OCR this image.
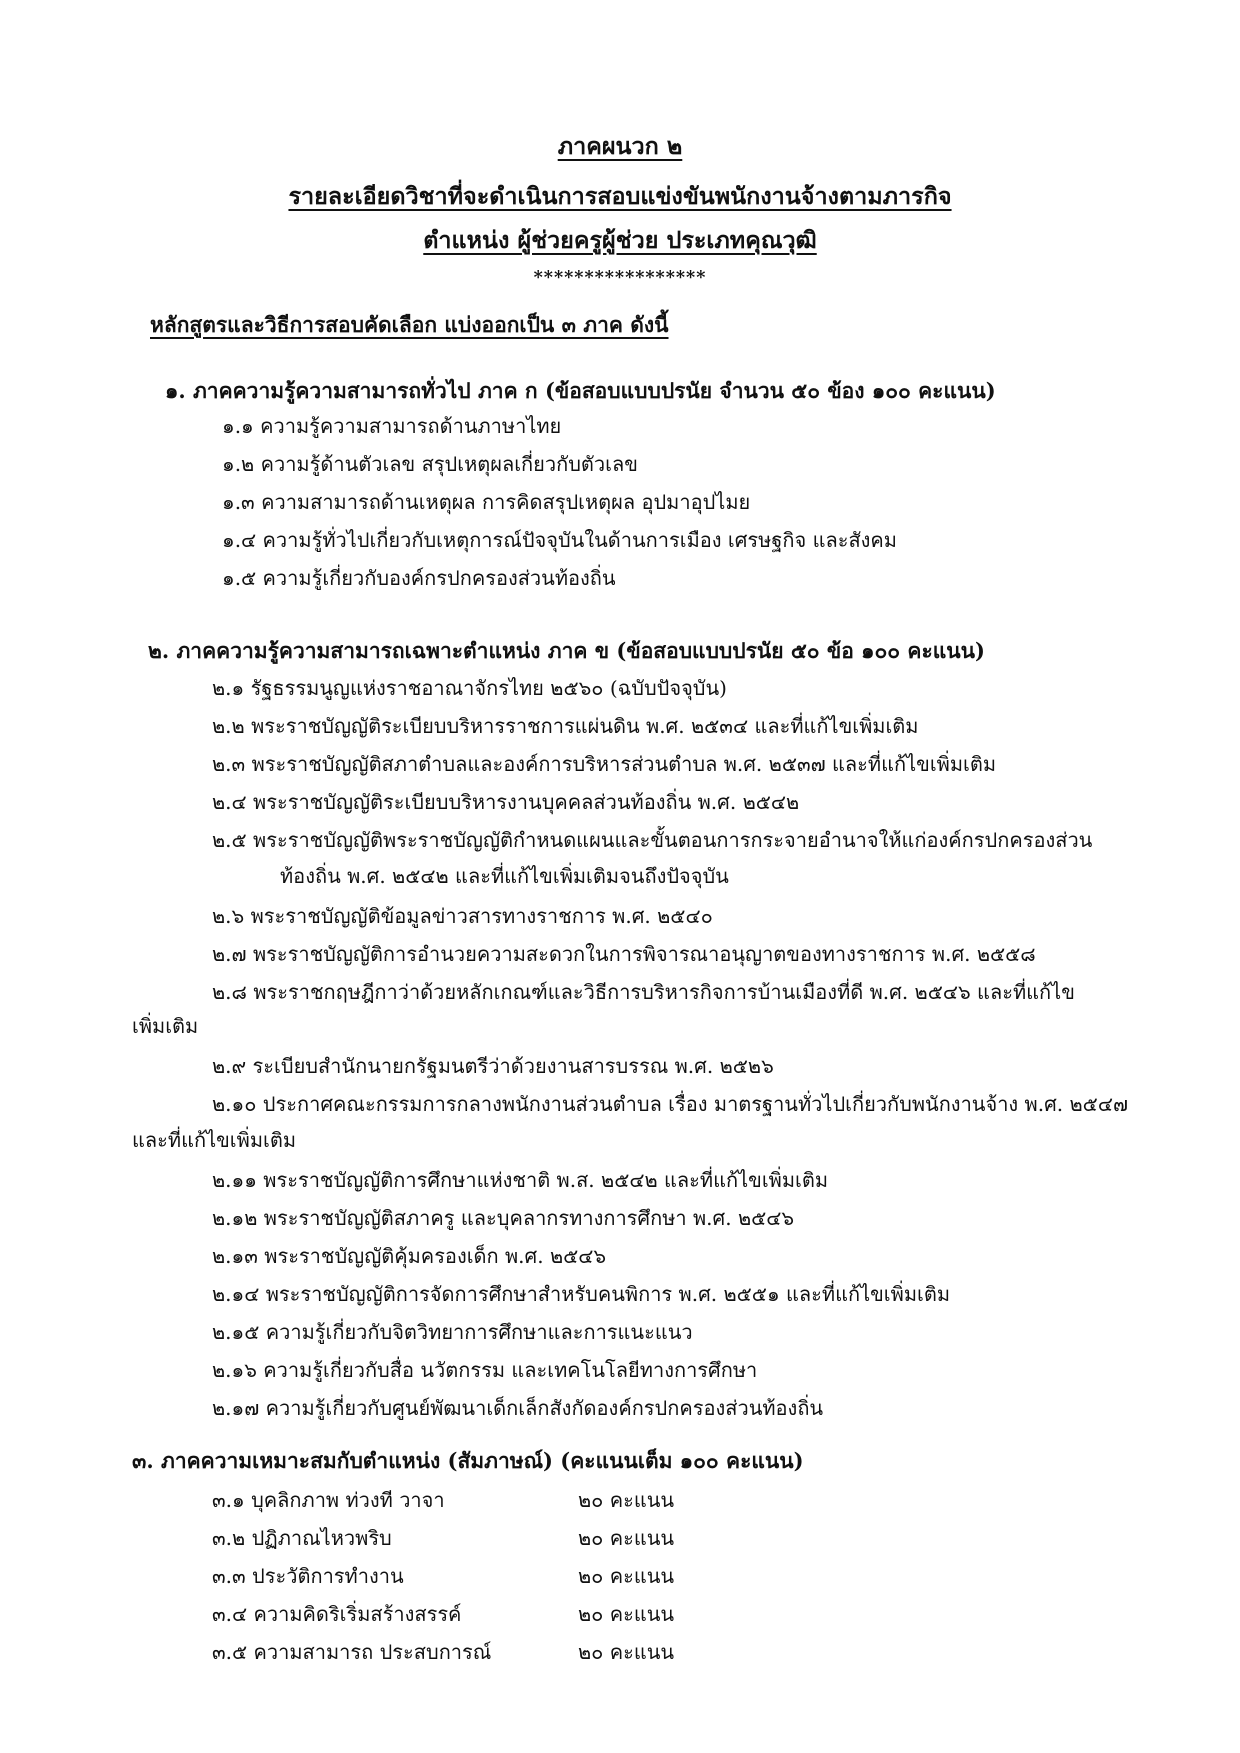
ภาคผนวก ๒
รายละเอียดวิชาที่จะดำเนินการสอบแข่งขันพนักงานจ้างตามภารกิจ
ตำแหน่ง ผู้ช่วยครูผู้ช่วย ประเภทคุณวุฒิ
*****************
หลักสูตรและวิธีการสอบคัดเลือก แบ่งออกเป็น ๓ ภาค ดังนี้
๑. ภาคความรู้ความสามารถทั่วไป ภาค ก (ข้อสอบแบบปรนัย จำนวน ๕๐ ข้อง ๑๐๐ คะแนน)
๑.๑ ความรู้ความสามารถด้านภาษาไทย
๑.๒ ความรู้ด้านตัวเลข สรุปเหตุผลเกี่ยวกับตัวเลข
๑.๓ ความสามารถด้านเหตุผล การคิดสรุปเหตุผล อุปมาอุปไมย
๑.๔ ความรู้ทั่วไปเกี่ยวกับเหตุการณ์ปัจจุบันในด้านการเมือง เศรษฐกิจ และสังคม
๑.๕ ความรู้เกี่ยวกับองค์กรปกครองส่วนท้องถิ่น
๒. ภาคความรู้ความสามารถเฉพาะตำแหน่ง ภาค ข (ข้อสอบแบบปรนัย ๕๐ ข้อ ๑๐๐ คะแนน)
๒.๑ รัฐธรรมนูญแห่งราชอาณาจักรไทย ๒๕๖๐ (ฉบับปัจจุบัน)
๒.๒ พระราชบัญญัติระเบียบบริหารราชการแผ่นดิน พ.ศ. ๒๕๓๔ และที่แก้ไขเพิ่มเติม
๒.๓ พระราชบัญญัติสภาตำบลและองค์การบริหารส่วนตำบล พ.ศ. ๒๕๓๗ และที่แก้ไขเพิ่มเติม
๒.๔ พระราชบัญญัติระเบียบบริหารงานบุคคลส่วนท้องถิ่น พ.ศ. ๒๕๔๒
๒.๕ พระราชบัญญัติพระราชบัญญัติกำหนดแผนและขั้นตอนการกระจายอำนาจให้แก่องค์กรปกครองส่วน
ท้องถิ่น พ.ศ. ๒๕๔๒ และที่แก้ไขเพิ่มเติมจนถึงปัจจุบัน
๒.๖ พระราชบัญญัติข้อมูลข่าวสารทางราชการ พ.ศ. ๒๕๔๐
๒.๗ พระราชบัญญัติการอำนวยความสะดวกในการพิจารณาอนุญาตของทางราชการ พ.ศ. ๒๕๕๘
๒.๘ พระราชกฤษฎีกาว่าด้วยหลักเกณฑ์และวิธีการบริหารกิจการบ้านเมืองที่ดี พ.ศ. ๒๕๔๖ และที่แก้ไข
เพิ่มเติม
๒.๙ ระเบียบสำนักนายกรัฐมนตรีว่าด้วยงานสารบรรณ พ.ศ. ๒๕๒๖
๒.๑๐ ประกาศคณะกรรมการกลางพนักงานส่วนตำบล เรื่อง มาตรฐานทั่วไปเกี่ยวกับพนักงานจ้าง พ.ศ. ๒๕๔๗
และที่แก้ไขเพิ่มเติม
๒.๑๑ พระราชบัญญัติการศึกษาแห่งชาติ พ.ส. ๒๕๔๒ และที่แก้ไขเพิ่มเติม
๒.๑๒ พระราชบัญญัติสภาครู และบุคลากรทางการศึกษา พ.ศ. ๒๕๔๖
๒.๑๓ พระราชบัญญัติคุ้มครองเด็ก พ.ศ. ๒๕๔๖
๒.๑๔ พระราชบัญญัติการจัดการศึกษาสำหรับคนพิการ พ.ศ. ๒๕๕๑ และที่แก้ไขเพิ่มเติม
๒.๑๕ ความรู้เกี่ยวกับจิตวิทยาการศึกษาและการแนะแนว
๒.๑๖ ความรู้เกี่ยวกับสื่อ นวัตกรรม และเทคโนโลยีทางการศึกษา
๒.๑๗ ความรู้เกี่ยวกับศูนย์พัฒนาเด็กเล็กสังกัดองค์กรปกครองส่วนท้องถิ่น
๓. ภาคความเหมาะสมกับตำแหน่ง (สัมภาษณ์) (คะแนนเต็ม ๑๐๐ คะแนน)
๓.๑ บุคลิกภาพ ท่วงที วาจา	๒๐ คะแนน
๓.๒ ปฏิภาณไหวพริบ	๒๐ คะแนน
๓.๓ ประวัติการทำงาน	๒๐ คะแนน
๓.๔ ความคิดริเริ่มสร้างสรรค์	๒๐ คะแนน
๓.๕ ความสามารถ ประสบการณ์	๒๐ คะแนน
